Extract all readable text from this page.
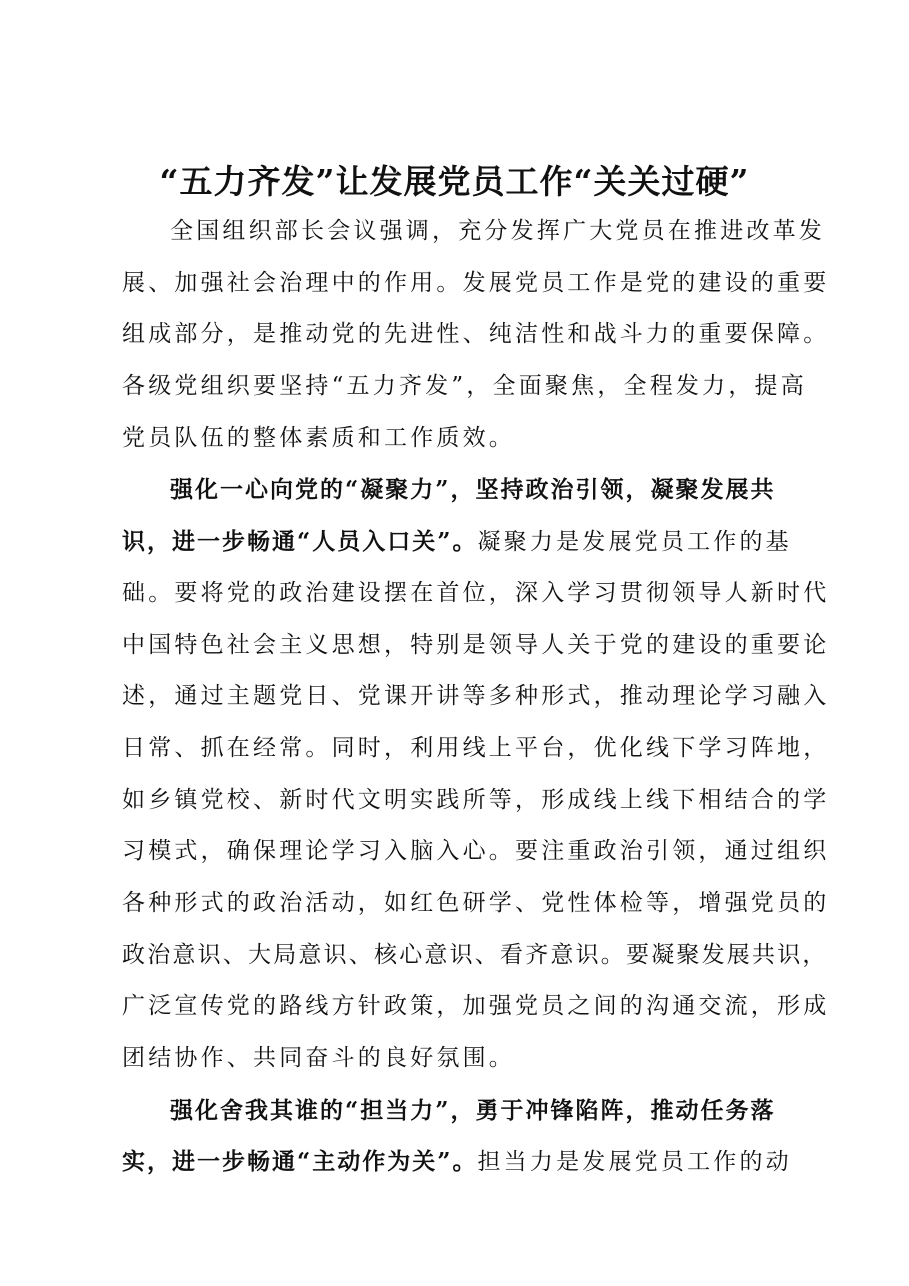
“五力齐发”让发展党员工作“关关过硬”
全国组织部长会议强调，充分发挥广大党员在推进改革发
展、加强社会治理中的作用。发展党员工作是党的建设的重要
组成部分，是推动党的先进性、纯洁性和战斗力的重要保障。
各级党组织要坚持“五力齐发”，全面聚焦，全程发力，提高
党员队伍的整体素质和工作质效。
强化一心向党的“凝聚力”，坚持政治引领，凝聚发展共
识，进一步畅通“人员入口关”。凝聚力是发展党员工作的基
础。要将党的政治建设摆在首位，深入学习贯彻领导人新时代
中国特色社会主义思想，特别是领导人关于党的建设的重要论
述，通过主题党日、党课开讲等多种形式，推动理论学习融入
日常、抓在经常。同时，利用线上平台，优化线下学习阵地，
如乡镇党校、新时代文明实践所等，形成线上线下相结合的学
习模式，确保理论学习入脑入心。要注重政治引领，通过组织
各种形式的政治活动，如红色研学、党性体检等，增强党员的
政治意识、大局意识、核心意识、看齐意识。要凝聚发展共识，
广泛宣传党的路线方针政策，加强党员之间的沟通交流，形成
团结协作、共同奋斗的良好氛围。
强化舍我其谁的“担当力”，勇于冲锋陷阵，推动任务落
实，进一步畅通“主动作为关”。担当力是发展党员工作的动
